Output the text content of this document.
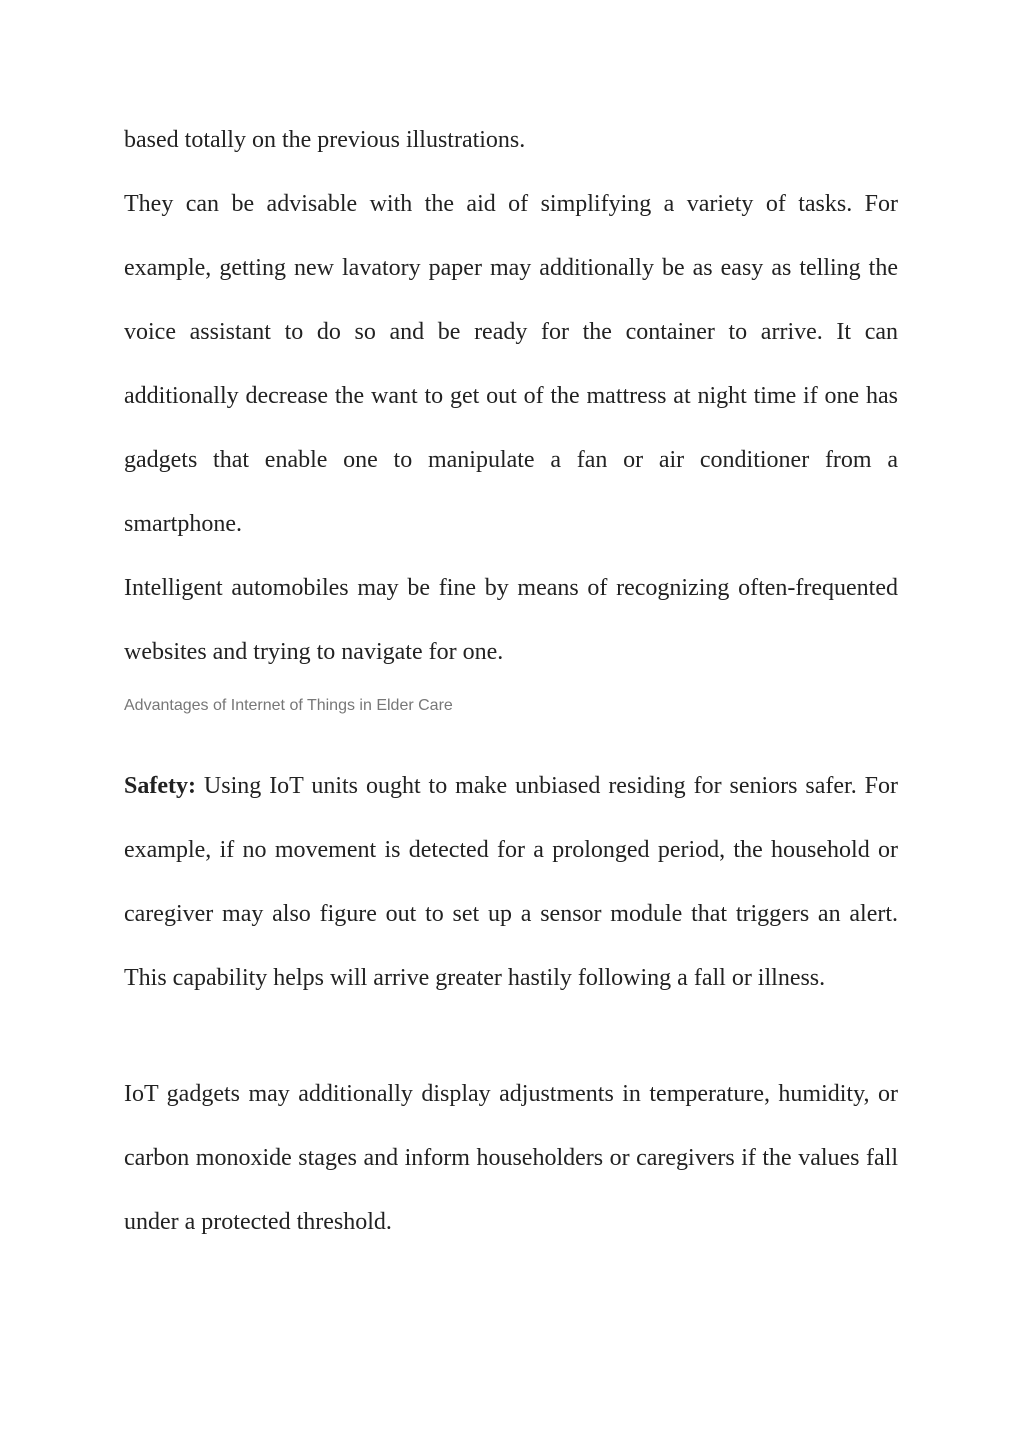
based totally on the previous illustrations.

They can be advisable with the aid of simplifying a variety of tasks. For example, getting new lavatory paper may additionally be as easy as telling the voice assistant to do so and be ready for the container to arrive. It can additionally decrease the want to get out of the mattress at night time if one has gadgets that enable one to manipulate a fan or air conditioner from a smartphone.

Intelligent automobiles may be fine by means of recognizing often-frequented websites and trying to navigate for one.

Advantages of Internet of Things in Elder Care

Safety: Using IoT units ought to make unbiased residing for seniors safer. For example, if no movement is detected for a prolonged period, the household or caregiver may also figure out to set up a sensor module that triggers an alert. This capability helps will arrive greater hastily following a fall or illness.

IoT gadgets may additionally display adjustments in temperature, humidity, or carbon monoxide stages and inform householders or caregivers if the values fall under a protected threshold.
